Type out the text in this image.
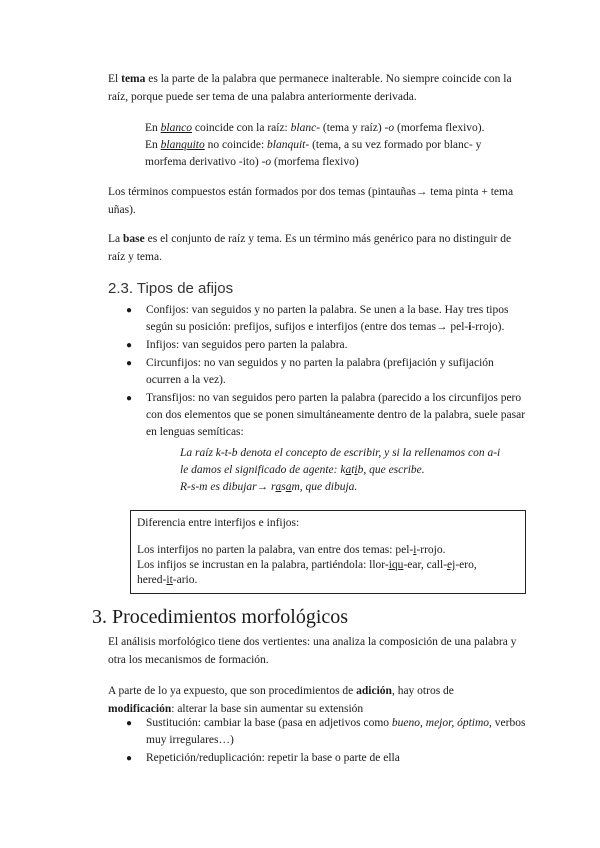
El tema es la parte de la palabra que permanece inalterable. No siempre coincide con la raíz, porque puede ser tema de una palabra anteriormente derivada.

En blanco coincide con la raíz: blanc- (tema y raíz) -o (morfema flexivo).
En blanquito no coincide: blanquit- (tema, a su vez formado por blanc- y
morfema derivativo -ito) -o (morfema flexivo)

Los términos compuestos están formados por dos temas (pintauñas→ tema pinta + tema uñas).

La base es el conjunto de raíz y tema. Es un término más genérico para no distinguir de raíz y tema.

2.3. Tipos de afijos
● Confijos: van seguidos y no parten la palabra. Se unen a la base. Hay tres tipos según su posición: prefijos, sufijos e interfijos (entre dos temas→ pel-i-rrojo).
● Infijos: van seguidos pero parten la palabra.
● Circunfijos: no van seguidos y no parten la palabra (prefijación y sufijación ocurren a la vez).
● Transfijos: no van seguidos pero parten la palabra (parecido a los circunfijos pero con dos elementos que se ponen simultáneamente dentro de la palabra, suele pasar en lenguas semíticas:
La raíz k-t-b denota el concepto de escribir, y si la rellenamos con a-i
le damos el significado de agente: katib, que escribe.
R-s-m es dibujar→ rasam, que dibuja.
Diferencia entre interfijos e infijos:
Los interfijos no parten la palabra, van entre dos temas: pel-i-rrojo.
Los infijos se incrustan en la palabra, partiéndola: llor-iqu-ear, call-ej-ero,
hered-it-ario.
3. Procedimientos morfológicos

El análisis morfológico tiene dos vertientes: una analiza la composición de una palabra y otra los mecanismos de formación.

A parte de lo ya expuesto, que son procedimientos de adición, hay otros de modificación: alterar la base sin aumentar su extensión

● Sustitución: cambiar la base (pasa en adjetivos como bueno, mejor, óptimo, verbos muy irregulares…)
● Repetición/reduplicación: repetir la base o parte de ella
